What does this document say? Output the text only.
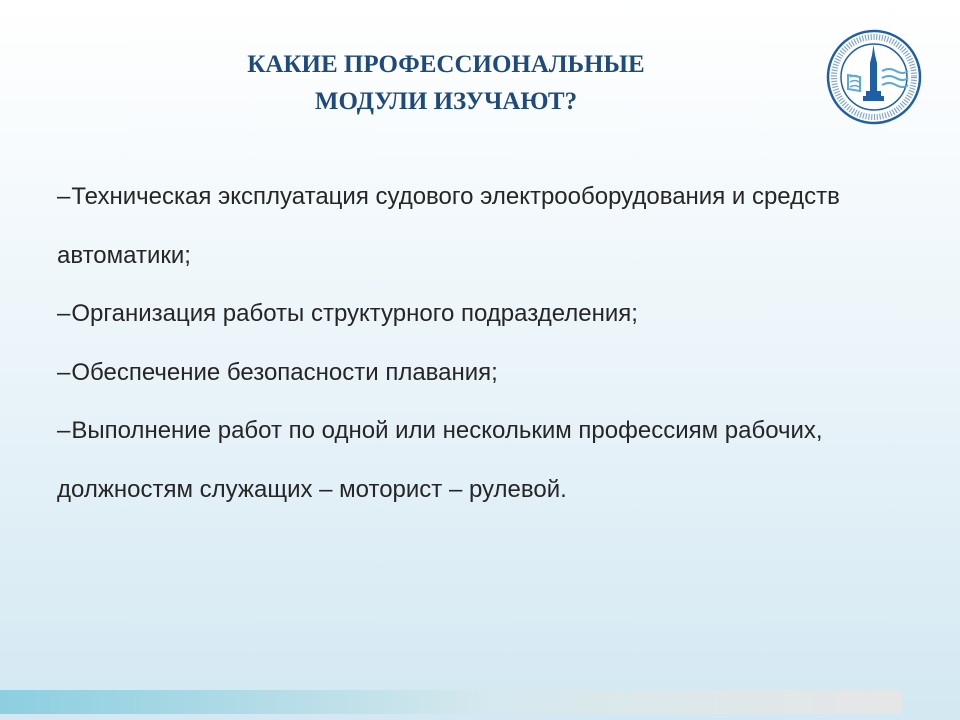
КАКИЕ ПРОФЕССИОНАЛЬНЫЕ
МОДУЛИ ИЗУЧАЮТ?
–Техническая эксплуатация судового электрооборудования и средств автоматики;
–Организация работы структурного подразделения;
–Обеспечение безопасности плавания;
–Выполнение работ по одной или нескольким профессиям рабочих, должностям служащих – моторист – рулевой.
